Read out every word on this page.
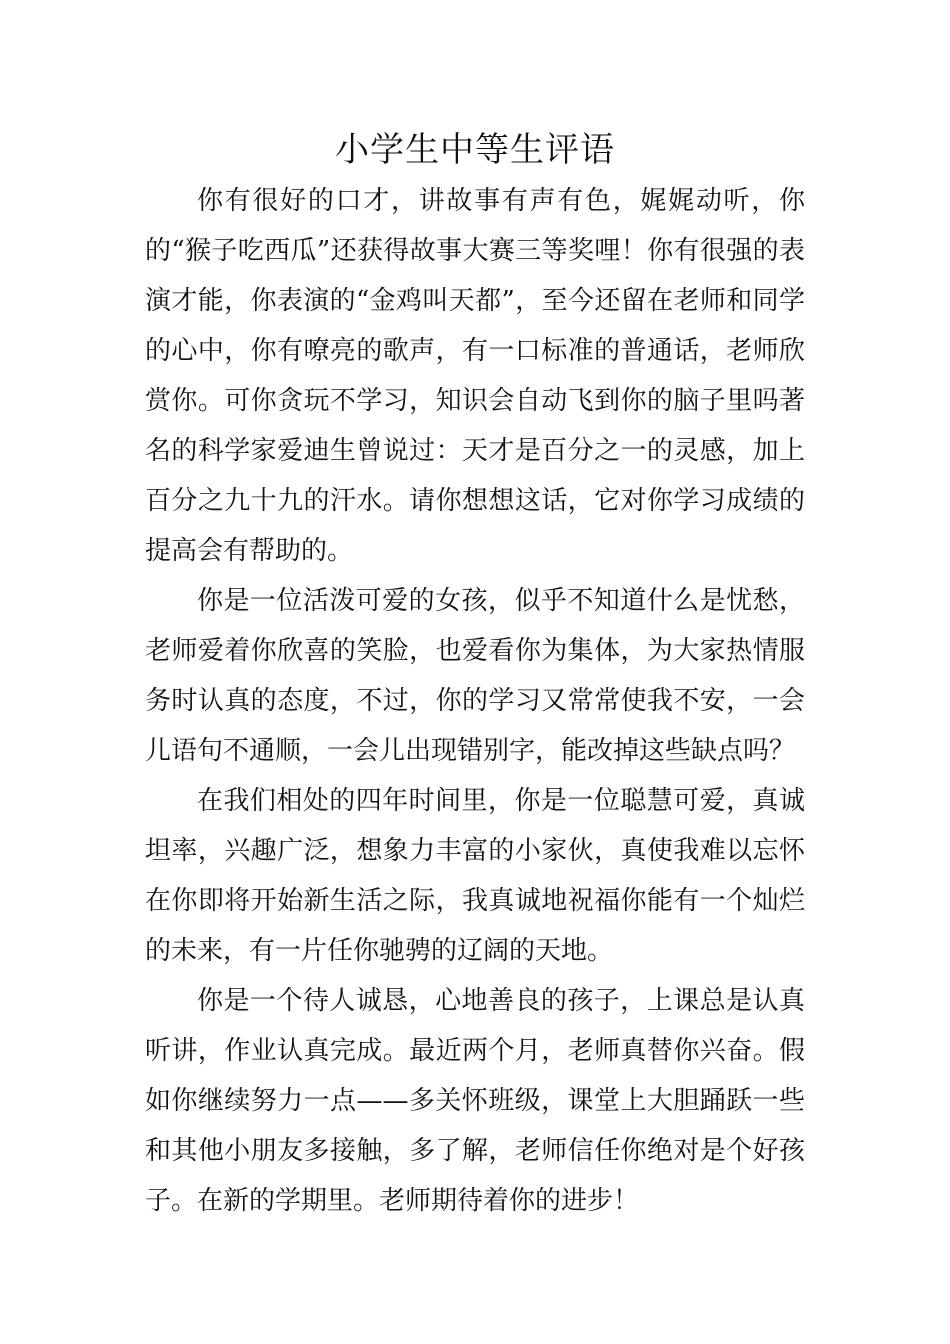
小学生中等生评语

你有很好的口才，讲故事有声有色，娓娓动听，你的“猴子吃西瓜”还获得故事大赛三等奖哩！你有很强的表演才能，你表演的“金鸡叫天都”，至今还留在老师和同学的心中，你有嘹亮的歌声，有一口标准的普通话，老师欣赏你。可你贪玩不学习，知识会自动飞到你的脑子里吗著名的科学家爱迪生曾说过：天才是百分之一的灵感，加上百分之九十九的汗水。请你想想这话，它对你学习成绩的提高会有帮助的。

你是一位活泼可爱的女孩，似乎不知道什么是忧愁，老师爱着你欣喜的笑脸，也爱看你为集体，为大家热情服务时认真的态度，不过，你的学习又常常使我不安，一会儿语句不通顺，一会儿出现错别字，能改掉这些缺点吗？

在我们相处的四年时间里，你是一位聪慧可爱，真诚坦率，兴趣广泛，想象力丰富的小家伙，真使我难以忘怀在你即将开始新生活之际，我真诚地祝福你能有一个灿烂的未来，有一片任你驰骋的辽阔的天地。

你是一个待人诚恳，心地善良的孩子，上课总是认真听讲，作业认真完成。最近两个月，老师真替你兴奋。假如你继续努力一点——多关怀班级，课堂上大胆踊跃一些和其他小朋友多接触，多了解，老师信任你绝对是个好孩子。在新的学期里。老师期待着你的进步！
